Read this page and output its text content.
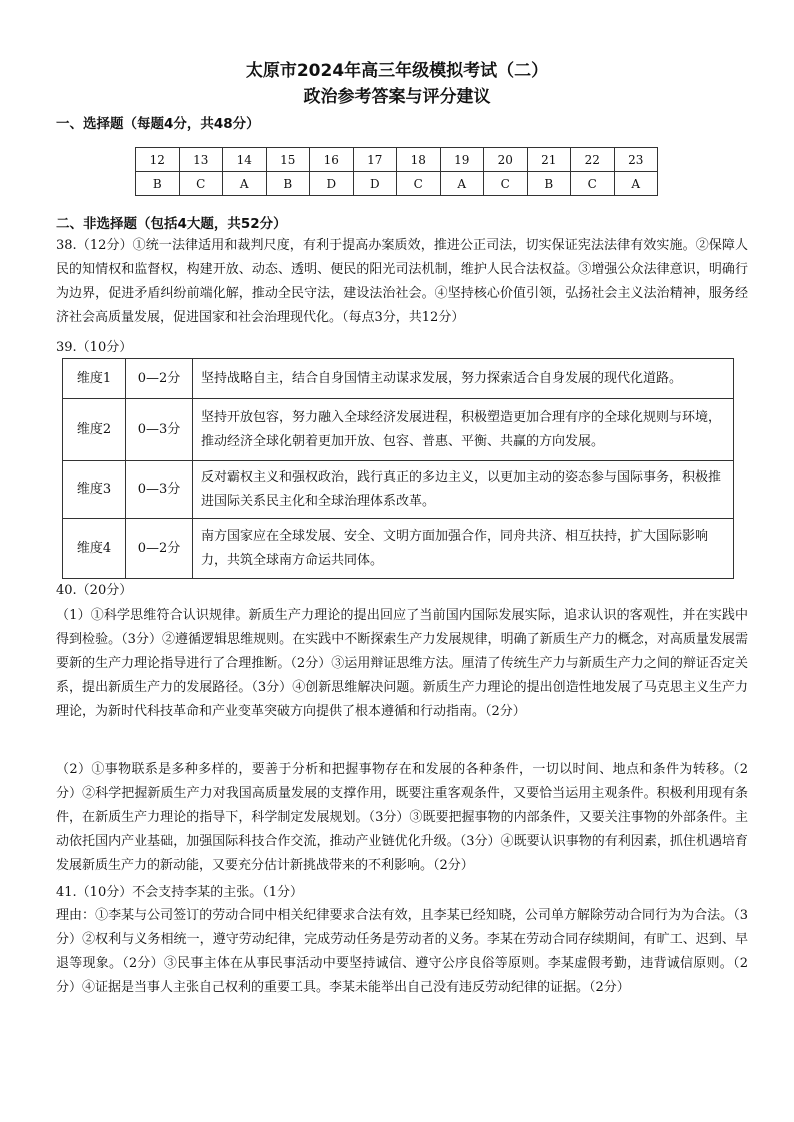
太原市2024年高三年级模拟考试（二）
政治参考答案与评分建议
一、选择题（每题4分，共48分）
12	13	14	15	16	17	18	19	20	21	22	23
B	C	A	B	D	D	C	A	C	B	C	A
二、非选择题（包括4大题，共52分）
38.（12分）①统一法律适用和裁判尺度，有利于提高办案质效，推进公正司法，切实保证宪法法律有效实施。②保障人民的知情权和监督权，构建开放、动态、透明、便民的阳光司法机制，维护人民合法权益。③增强公众法律意识，明确行为边界，促进矛盾纠纷前端化解，推动全民守法，建设法治社会。④坚持核心价值引领，弘扬社会主义法治精神，服务经济社会高质量发展，促进国家和社会治理现代化。（每点3分，共12分）
39.（10分）
维度1	0—2分	坚持战略自主，结合自身国情主动谋求发展，努力探索适合自身发展的现代化道路。
维度2	0—3分	坚持开放包容，努力融入全球经济发展进程，积极塑造更加合理有序的全球化规则与环境，推动经济全球化朝着更加开放、包容、普惠、平衡、共赢的方向发展。
维度3	0—3分	反对霸权主义和强权政治，践行真正的多边主义，以更加主动的姿态参与国际事务，积极推进国际关系民主化和全球治理体系改革。
维度4	0—2分	南方国家应在全球发展、安全、文明方面加强合作，同舟共济、相互扶持，扩大国际影响力，共筑全球南方命运共同体。
40.（20分）
（1）①科学思维符合认识规律。新质生产力理论的提出回应了当前国内国际发展实际，追求认识的客观性，并在实践中得到检验。（3分）②遵循逻辑思维规则。在实践中不断探索生产力发展规律，明确了新质生产力的概念，对高质量发展需要新的生产力理论指导进行了合理推断。（2分）③运用辩证思维方法。厘清了传统生产力与新质生产力之间的辩证否定关系，提出新质生产力的发展路径。（3分）④创新思维解决问题。新质生产力理论的提出创造性地发展了马克思主义生产力理论，为新时代科技革命和产业变革突破方向提供了根本遵循和行动指南。（2分）
（2）①事物联系是多种多样的，要善于分析和把握事物存在和发展的各种条件，一切以时间、地点和条件为转移。（2分）②科学把握新质生产力对我国高质量发展的支撑作用，既要注重客观条件，又要恰当运用主观条件。积极利用现有条件，在新质生产力理论的指导下，科学制定发展规划。（3分）③既要把握事物的内部条件，又要关注事物的外部条件。主动依托国内产业基础，加强国际科技合作交流，推动产业链优化升级。（3分）④既要认识事物的有利因素，抓住机遇培育发展新质生产力的新动能，又要充分估计新挑战带来的不利影响。（2分）
41.（10分）不会支持李某的主张。（1分）
理由：①李某与公司签订的劳动合同中相关纪律要求合法有效，且李某已经知晓，公司单方解除劳动合同行为为合法。（3分）②权利与义务相统一，遵守劳动纪律，完成劳动任务是劳动者的义务。李某在劳动合同存续期间，有旷工、迟到、早退等现象。（2分）③民事主体在从事民事活动中要坚持诚信、遵守公序良俗等原则。李某虚假考勤，违背诚信原则。（2分）④证据是当事人主张自己权利的重要工具。李某未能举出自己没有违反劳动纪律的证据。（2分）
